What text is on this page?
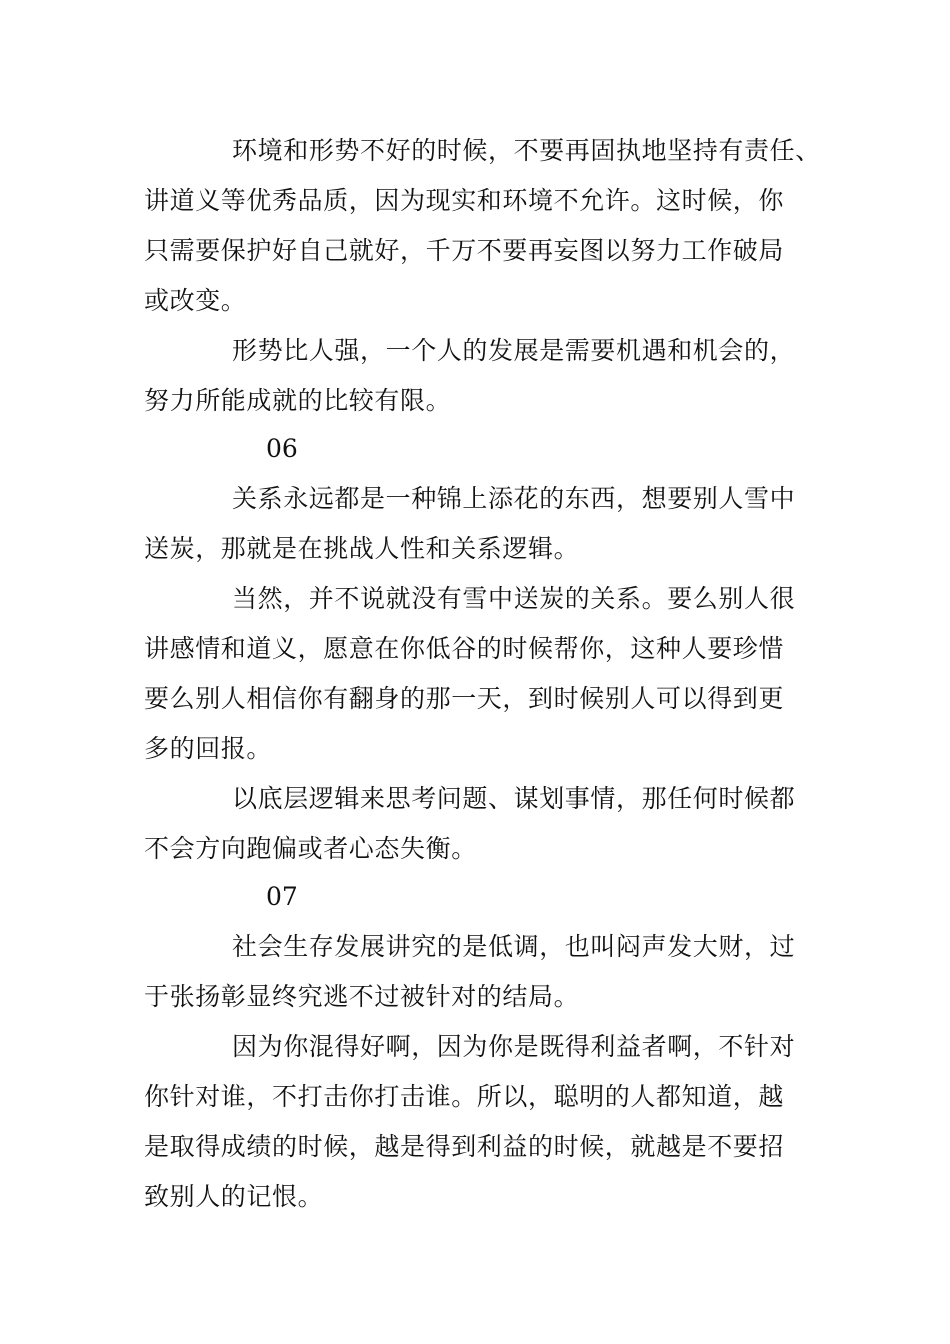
环境和形势不好的时候，不要再固执地坚持有责任、
讲道义等优秀品质，因为现实和环境不允许。这时候，你
只需要保护好自己就好，千万不要再妄图以努力工作破局
或改变。
形势比人强，一个人的发展是需要机遇和机会的，
努力所能成就的比较有限。
06
关系永远都是一种锦上添花的东西，想要别人雪中
送炭，那就是在挑战人性和关系逻辑。
当然，并不说就没有雪中送炭的关系。要么别人很
讲感情和道义，愿意在你低谷的时候帮你，这种人要珍惜
要么别人相信你有翻身的那一天，到时候别人可以得到更
多的回报。
以底层逻辑来思考问题、谋划事情，那任何时候都
不会方向跑偏或者心态失衡。
07
社会生存发展讲究的是低调，也叫闷声发大财，过
于张扬彰显终究逃不过被针对的结局。
因为你混得好啊，因为你是既得利益者啊，不针对
你针对谁，不打击你打击谁。所以，聪明的人都知道，越
是取得成绩的时候，越是得到利益的时候，就越是不要招
致别人的记恨。
